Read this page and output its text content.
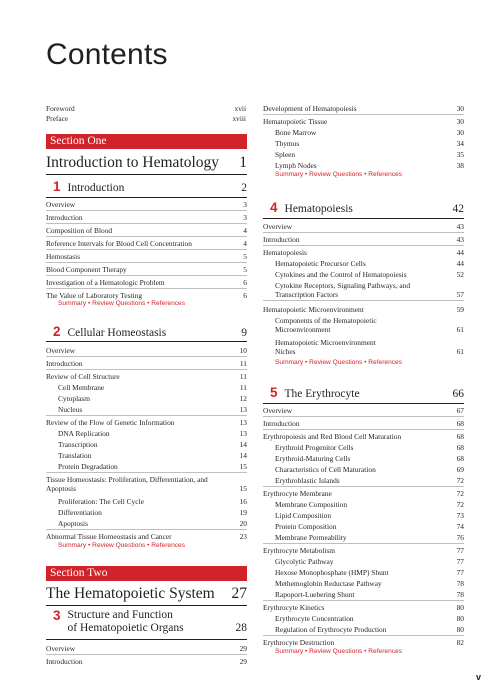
Contents
Foreword	xvii
Preface	xviii
Section One
Introduction to Hematology 1
1 Introduction	2
Overview	3
Introduction	3
Composition of Blood	4
Reference Intervals for Blood Cell Concentration	4
Hemostasis	5
Blood Component Therapy	5
Investigation of a Hematologic Problem	6
The Value of Laboratory Testing	6
Summary • Review Questions • References
2 Cellular Homeostasis	9
Overview	10
Introduction	11
Review of Cell Structure	11
Cell Membrane	11
Cytoplasm	12
Nucleus	13
Review of the Flow of Genetic Information	13
DNA Replication	13
Transcription	14
Translation	14
Protein Degradation	15
Tissue Homeostasis: Proliferation, Differentiation, and Apoptosis	15
Proliferation: The Cell Cycle	16
Differentiation	19
Apoptosis	20
Abnormal Tissue Homeostasis and Cancer	23
Summary • Review Questions • References
Section Two
The Hematopoietic System 27
3 Structure and Function
of Hematopoietic Organs	28
Overview	29
Introduction	29
Development of Hematopoiesis	30
Hematopoietic Tissue	30
Bone Marrow	30
Thymus	34
Spleen	35
Lymph Nodes	38
Summary • Review Questions • References
4 Hematopoiesis	42
Overview	43
Introduction	43
Hematopoiesis	44
Hematopoietic Precursor Cells	44
Cytokines and the Control of Hematopoiesis	52
Cytokine Receptors, Signaling Pathways, and Transcription Factors	57
Hematopoietic Microenvironment	59
Components of the Hematopoietic Microenvironment	61
Hematopoietic Microenvironment Niches	61
Summary • Review Questions • References
5 The Erythrocyte	66
Overview	67
Introduction	68
Erythropoiesis and Red Blood Cell Maturation	68
Erythroid Progenitor Cells	68
Erythroid-Maturing Cells	68
Characteristics of Cell Maturation	69
Erythroblastic Islands	72
Erythrocyte Membrane	72
Membrane Composition	72
Lipid Composition	73
Protein Composition	74
Membrane Permeability	76
Erythrocyte Metabolism	77
Glycolytic Pathway	77
Hexose Monophosphate (HMP) Shunt	77
Methemoglobin Reductase Pathway	78
Rapoport-Luebering Shunt	78
Erythrocyte Kinetics	80
Erythrocyte Concentration	80
Regulation of Erythrocyte Production	80
Erythrocyte Destruction	82
Summary • Review Questions • References
v
